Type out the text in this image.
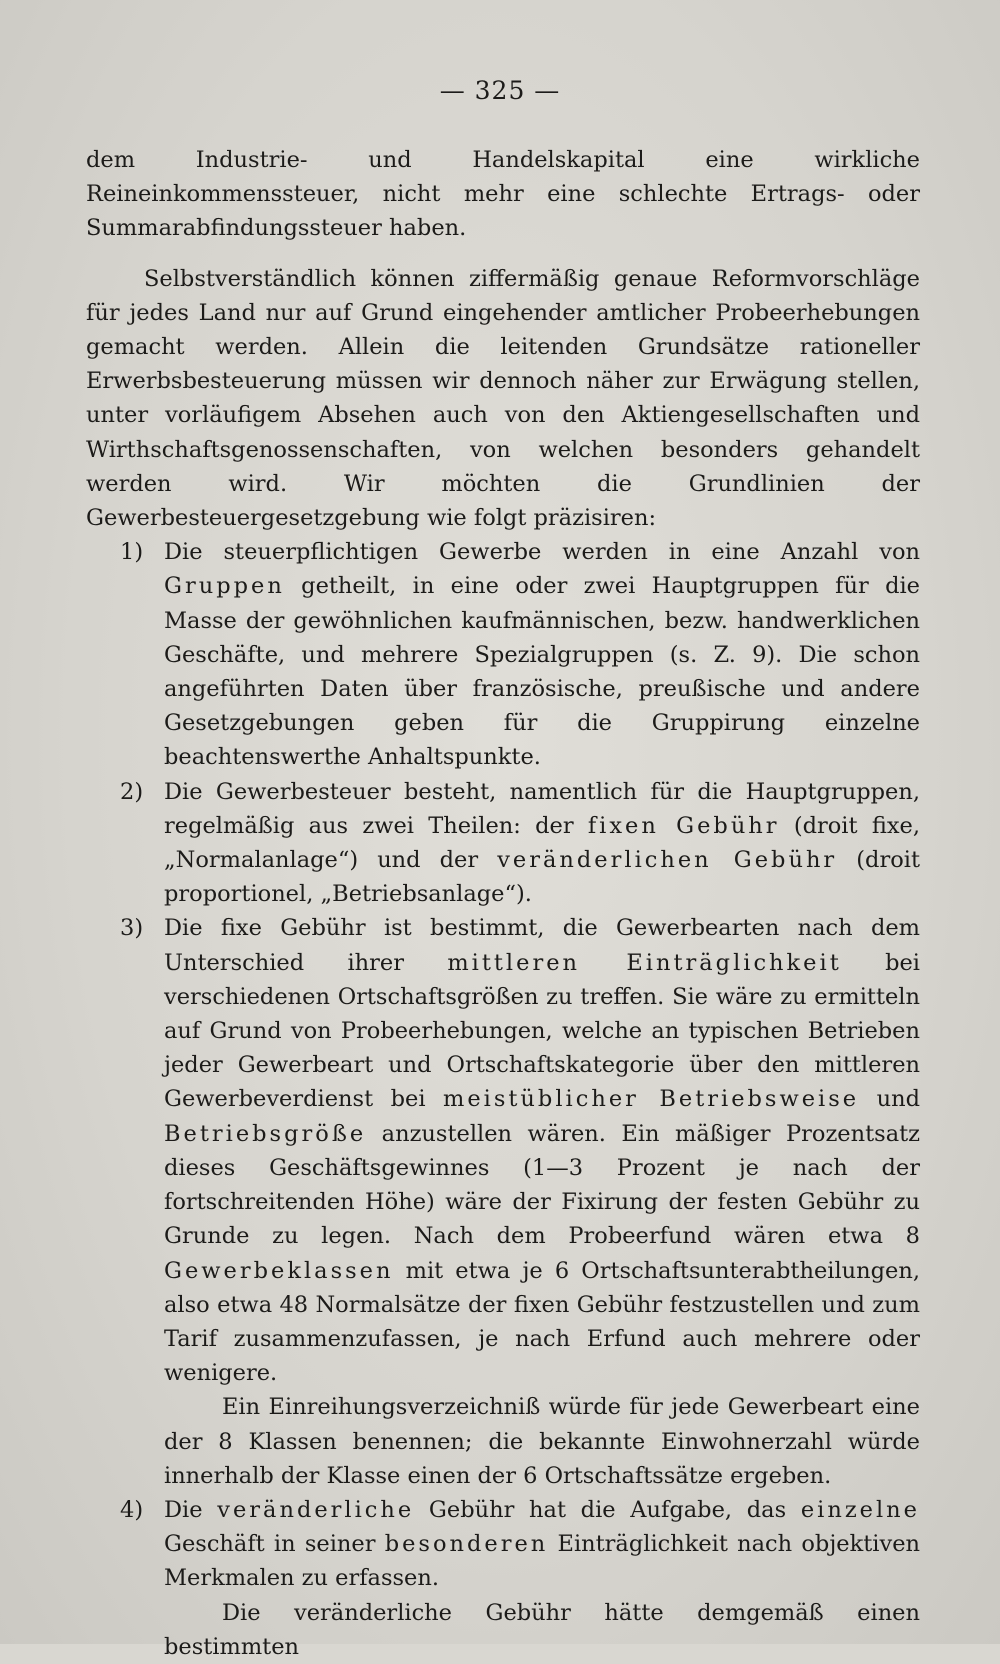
— 325 —

dem Industrie- und Handelskapital eine wirkliche Reineinkommenssteuer, nicht mehr eine schlechte Ertrags- oder Summarabfindungssteuer haben.

Selbstverständlich können ziffermäßig genaue Reformvorschläge für jedes Land nur auf Grund eingehender amtlicher Probeerhebungen gemacht werden. Allein die leitenden Grundsätze rationeller Erwerbsbesteuerung müssen wir dennoch näher zur Erwägung stellen, unter vorläufigem Absehen auch von den Aktiengesellschaften und Wirthschaftsgenossenschaften, von welchen besonders gehandelt werden wird. Wir möchten die Grundlinien der Gewerbesteuergesetzgebung wie folgt präzisiren:

1) Die steuerpflichtigen Gewerbe werden in eine Anzahl von Gruppen getheilt, in eine oder zwei Hauptgruppen für die Masse der gewöhnlichen kaufmännischen, bezw. handwerklichen Geschäfte, und mehrere Spezialgruppen (s. Z. 9). Die schon angeführten Daten über französische, preußische und andere Gesetzgebungen geben für die Gruppirung einzelne beachtenswerthe Anhaltspunkte.

2) Die Gewerbesteuer besteht, namentlich für die Hauptgruppen, regelmäßig aus zwei Theilen: der fixen Gebühr (droit fixe, „Normalanlage“) und der veränderlichen Gebühr (droit proportionel, „Betriebsanlage“).

3) Die fixe Gebühr ist bestimmt, die Gewerbearten nach dem Unterschied ihrer mittleren Einträglichkeit bei verschiedenen Ortschaftsgrößen zu treffen. Sie wäre zu ermitteln auf Grund von Probeerhebungen, welche an typischen Betrieben jeder Gewerbeart und Ortschaftskategorie über den mittleren Gewerbeverdienst bei meistüblicher Betriebsweise und Betriebsgröße anzustellen wären. Ein mäßiger Prozentsatz dieses Geschäftsgewinnes (1—3 Prozent je nach der fortschreitenden Höhe) wäre der Fixirung der festen Gebühr zu Grunde zu legen. Nach dem Probeerfund wären etwa 8 Gewerbeklassen mit etwa je 6 Ortschaftsunterabtheilungen, also etwa 48 Normalsätze der fixen Gebühr festzustellen und zum Tarif zusammenzufassen, je nach Erfund auch mehrere oder wenigere.

Ein Einreihungsverzeichniß würde für jede Gewerbeart eine der 8 Klassen benennen; die bekannte Einwohnerzahl würde innerhalb der Klasse einen der 6 Ortschaftssätze ergeben.

4) Die veränderliche Gebühr hat die Aufgabe, das einzelne Geschäft in seiner besonderen Einträglichkeit nach objektiven Merkmalen zu erfassen.

Die veränderliche Gebühr hätte demgemäß einen bestimmten
